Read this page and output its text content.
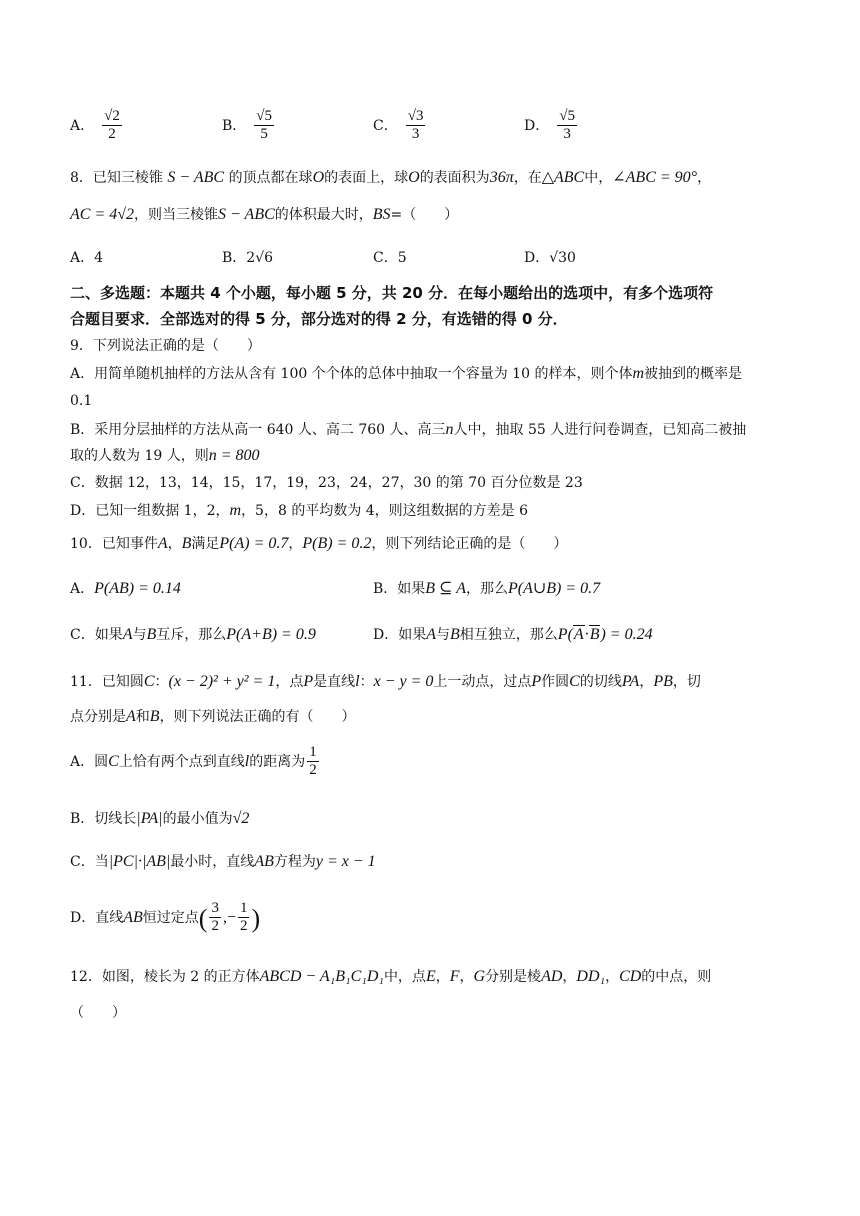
A． $\frac{√2}{2}$	B． $\frac{√5}{5}$	C． $\frac{√3}{3}$	D． $\frac{√5}{3}$
8．已知三棱锥 S − ABC 的顶点都在球O的表面上，球O的表面积为36π，在△ABC中，∠ABC = 90°，
AC = 4√2，则当三棱锥S − ABC的体积最大时，BS=（　　）
A．4	B．2√6	C．5	D．√30
二、多选题：本题共 4 个小题，每小题 5 分，共 20 分．在每小题给出的选项中，有多个选项符
合题目要求．全部选对的得 5 分，部分选对的得 2 分，有选错的得 0 分．
9．下列说法正确的是（　　）
A．用简单随机抽样的方法从含有 100 个个体的总体中抽取一个容量为 10 的样本，则个体m被抽到的概率是
0.1
B．采用分层抽样的方法从高一 640 人、高二 760 人、高三n人中，抽取 55 人进行问卷调查，已知高二被抽
取的人数为 19 人，则n = 800
C．数据 12，13，14，15，17，19，23，24，27，30 的第 70 百分位数是 23
D．已知一组数据 1，2，m，5，8 的平均数为 4，则这组数据的方差是 6
10．已知事件A，B满足P(A) = 0.7，P(B) = 0.2，则下列结论正确的是（　　）
A．P(AB) = 0.14	B．如果B ⊆ A，那么P(A∪B) = 0.7
C．如果A与B互斥，那么P(A+B) = 0.9	D．如果A与B相互独立，那么P(A·B) = 0.24
11．已知圆C：(x − 2)² + y² = 1，点P是直线l：x − y = 0上一动点，过点P作圆C的切线PA，PB，切
点分别是A和B，则下列说法正确的有（　　）
A．圆C上恰有两个点到直线l的距离为 $\frac{1}{2}$
B．切线长|PA|的最小值为√2
C．当|PC|·|AB|最小时，直线AB方程为y = x − 1
D．直线AB恒过定点( $\frac{3}{2}$ ,− $\frac{1}{2}$ )
12．如图，棱长为 2 的正方体ABCD − A₁B₁C₁D₁中，点E，F，G分别是棱AD，DD₁，CD的中点，则
（　　）
